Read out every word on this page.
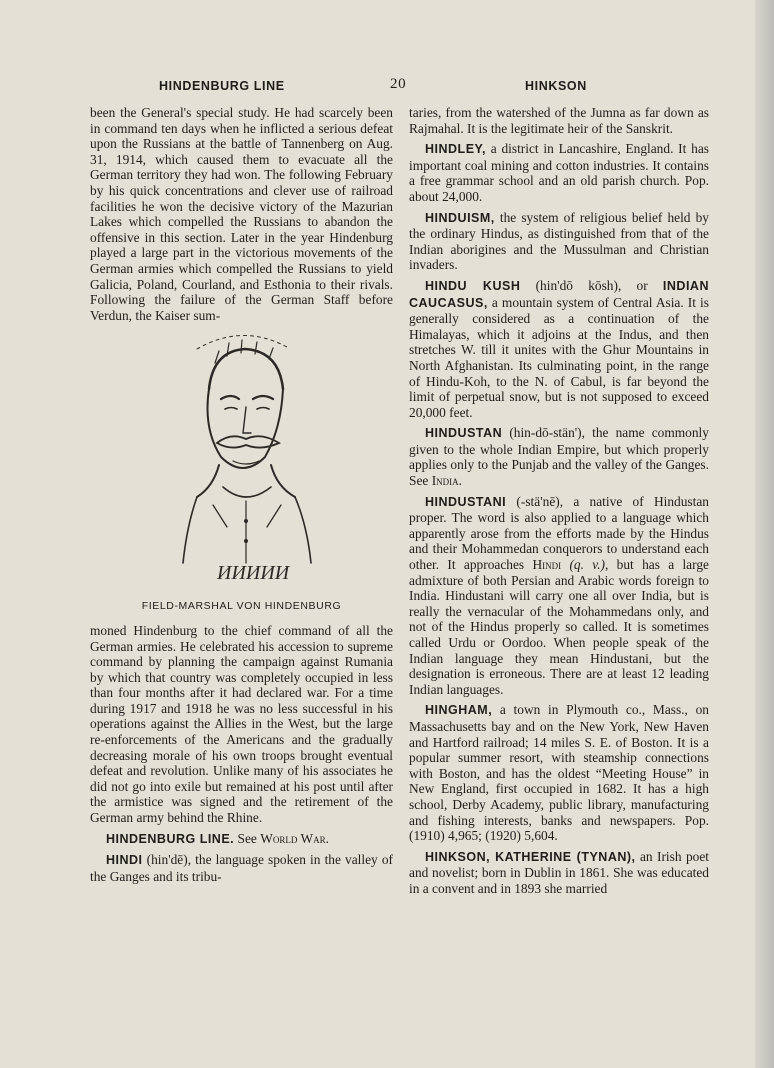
HINDENBURG LINE	20	HINKSON

been the General's special study. He had scarcely been in command ten days when he inflicted a serious defeat upon the Russians at the battle of Tannenberg on Aug. 31, 1914, which caused them to evacuate all the German territory they had won. The following February by his quick concentrations and clever use of railroad facilities he won the decisive victory of the Mazurian Lakes which compelled the Russians to abandon the offensive in this section. Later in the year Hindenburg played a large part in the victorious movements of the German armies which compelled the Russians to yield Galicia, Poland, Courland, and Esthonia to their rivals. Following the failure of the German Staff before Verdun, the Kaiser sum-

ИИИИИ
FIELD-MARSHAL VON HINDENBURG

moned Hindenburg to the chief command of all the German armies. He celebrated his accession to supreme command by planning the campaign against Rumania by which that country was completely occupied in less than four months after it had declared war. For a time during 1917 and 1918 he was no less successful in his operations against the Allies in the West, but the large re-enforcements of the Americans and the gradually decreasing morale of his own troops brought eventual defeat and revolution. Unlike many of his associates he did not go into exile but remained at his post until after the armistice was signed and the retirement of the German army behind the Rhine.

HINDENBURG LINE. See World War.

HINDI (hin'dē), the language spoken in the valley of the Ganges and its tribu-

taries, from the watershed of the Jumna as far down as Rajmahal. It is the legitimate heir of the Sanskrit.

HINDLEY, a district in Lancashire, England. It has important coal mining and cotton industries. It contains a free grammar school and an old parish church. Pop. about 24,000.

HINDUISM, the system of religious belief held by the ordinary Hindus, as distinguished from that of the Indian aborigines and the Mussulman and Christian invaders.

HINDU KUSH (hin'dō kōsh), or INDIAN CAUCASUS, a mountain system of Central Asia. It is generally considered as a continuation of the Himalayas, which it adjoins at the Indus, and then stretches W. till it unites with the Ghur Mountains in North Afghanistan. Its culminating point, in the range of Hindu-Koh, to the N. of Cabul, is far beyond the limit of perpetual snow, but is not supposed to exceed 20,000 feet.

HINDUSTAN (hin-dō-stän'), the name commonly given to the whole Indian Empire, but which properly applies only to the Punjab and the valley of the Ganges. See India.

HINDUSTANI (-stä'nē), a native of Hindustan proper. The word is also applied to a language which apparently arose from the efforts made by the Hindus and their Mohammedan conquerors to understand each other. It approaches Hindi (q. v.), but has a large admixture of both Persian and Arabic words foreign to India. Hindustani will carry one all over India, but is really the vernacular of the Mohammedans only, and not of the Hindus properly so called. It is sometimes called Urdu or Oordoo. When people speak of the Indian language they mean Hindustani, but the designation is erroneous. There are at least 12 leading Indian languages.

HINGHAM, a town in Plymouth co., Mass., on Massachusetts bay and on the New York, New Haven and Hartford railroad; 14 miles S. E. of Boston. It is a popular summer resort, with steamship connections with Boston, and has the oldest “Meeting House” in New England, first occupied in 1682. It has a high school, Derby Academy, public library, manufacturing and fishing interests, banks and newspapers. Pop. (1910) 4,965; (1920) 5,604.

HINKSON, KATHERINE (TYNAN), an Irish poet and novelist; born in Dublin in 1861. She was educated in a convent and in 1893 she married
